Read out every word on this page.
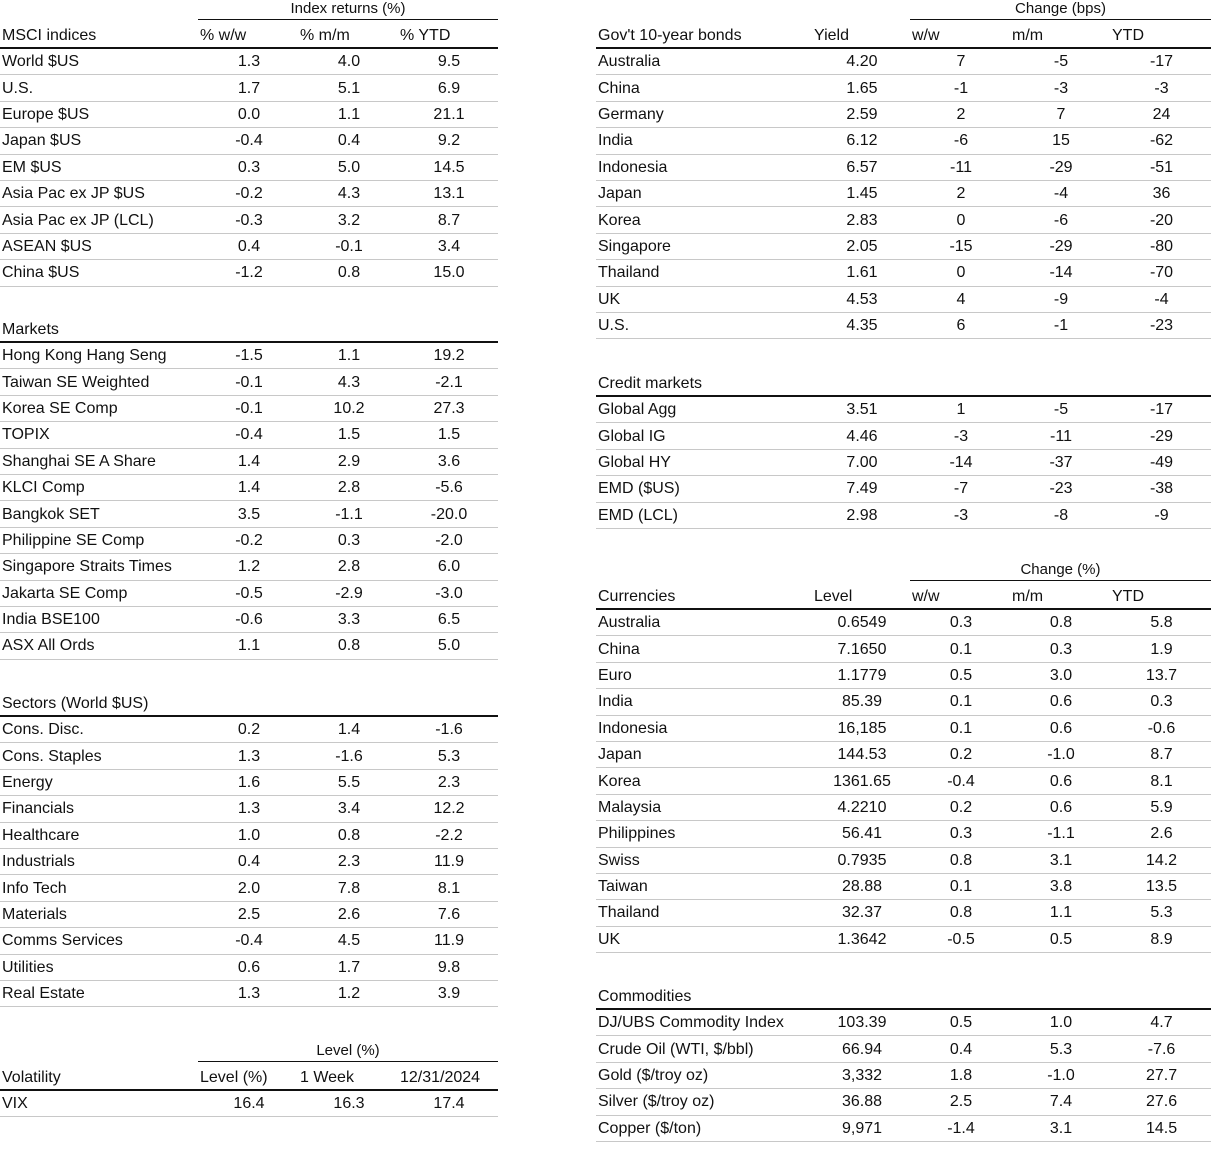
Index returns (%)
MSCI indices	% w/w	% m/m	% YTD
World $US	1.3	4.0	9.5
U.S.	1.7	5.1	6.9
Europe $US	0.0	1.1	21.1
Japan $US	-0.4	0.4	9.2
EM $US	0.3	5.0	14.5
Asia Pac ex JP $US	-0.2	4.3	13.1
Asia Pac ex JP (LCL)	-0.3	3.2	8.7
ASEAN $US	0.4	-0.1	3.4
China $US	-1.2	0.8	15.0
Markets			
Hong Kong Hang Seng	-1.5	1.1	19.2
Taiwan SE Weighted	-0.1	4.3	-2.1
Korea SE Comp	-0.1	10.2	27.3
TOPIX	-0.4	1.5	1.5
Shanghai SE A Share	1.4	2.9	3.6
KLCI Comp	1.4	2.8	-5.6
Bangkok SET	3.5	-1.1	-20.0
Philippine SE Comp	-0.2	0.3	-2.0
Singapore Straits Times	1.2	2.8	6.0
Jakarta SE Comp	-0.5	-2.9	-3.0
India BSE100	-0.6	3.3	6.5
ASX All Ords	1.1	0.8	5.0
Sectors (World $US)			
Cons. Disc.	0.2	1.4	-1.6
Cons. Staples	1.3	-1.6	5.3
Energy	1.6	5.5	2.3
Financials	1.3	3.4	12.2
Healthcare	1.0	0.8	-2.2
Industrials	0.4	2.3	11.9
Info Tech	2.0	7.8	8.1
Materials	2.5	2.6	7.6
Comms Services	-0.4	4.5	11.9
Utilities	0.6	1.7	9.8
Real Estate	1.3	1.2	3.9
Level (%)
Volatility	Level (%)	1 Week	12/31/2024
VIX	16.4	16.3	17.4
Change (bps)
Gov't 10-year bonds	Yield	w/w	m/m	YTD
Australia	4.20	7	-5	-17
China	1.65	-1	-3	-3
Germany	2.59	2	7	24
India	6.12	-6	15	-62
Indonesia	6.57	-11	-29	-51
Japan	1.45	2	-4	36
Korea	2.83	0	-6	-20
Singapore	2.05	-15	-29	-80
Thailand	1.61	0	-14	-70
UK	4.53	4	-9	-4
U.S.	4.35	6	-1	-23
Credit markets				
Global Agg	3.51	1	-5	-17
Global IG	4.46	-3	-11	-29
Global HY	7.00	-14	-37	-49
EMD ($US)	7.49	-7	-23	-38
EMD (LCL)	2.98	-3	-8	-9
Change (%)
Currencies	Level	w/w	m/m	YTD
Australia	0.6549	0.3	0.8	5.8
China	7.1650	0.1	0.3	1.9
Euro	1.1779	0.5	3.0	13.7
India	85.39	0.1	0.6	0.3
Indonesia	16,185	0.1	0.6	-0.6
Japan	144.53	0.2	-1.0	8.7
Korea	1361.65	-0.4	0.6	8.1
Malaysia	4.2210	0.2	0.6	5.9
Philippines	56.41	0.3	-1.1	2.6
Swiss	0.7935	0.8	3.1	14.2
Taiwan	28.88	0.1	3.8	13.5
Thailand	32.37	0.8	1.1	5.3
UK	1.3642	-0.5	0.5	8.9
Commodities				
DJ/UBS Commodity Index	103.39	0.5	1.0	4.7
Crude Oil (WTI, $/bbl)	66.94	0.4	5.3	-7.6
Gold ($/troy oz)	3,332	1.8	-1.0	27.7
Silver ($/troy oz)	36.88	2.5	7.4	27.6
Copper ($/ton)	9,971	-1.4	3.1	14.5
